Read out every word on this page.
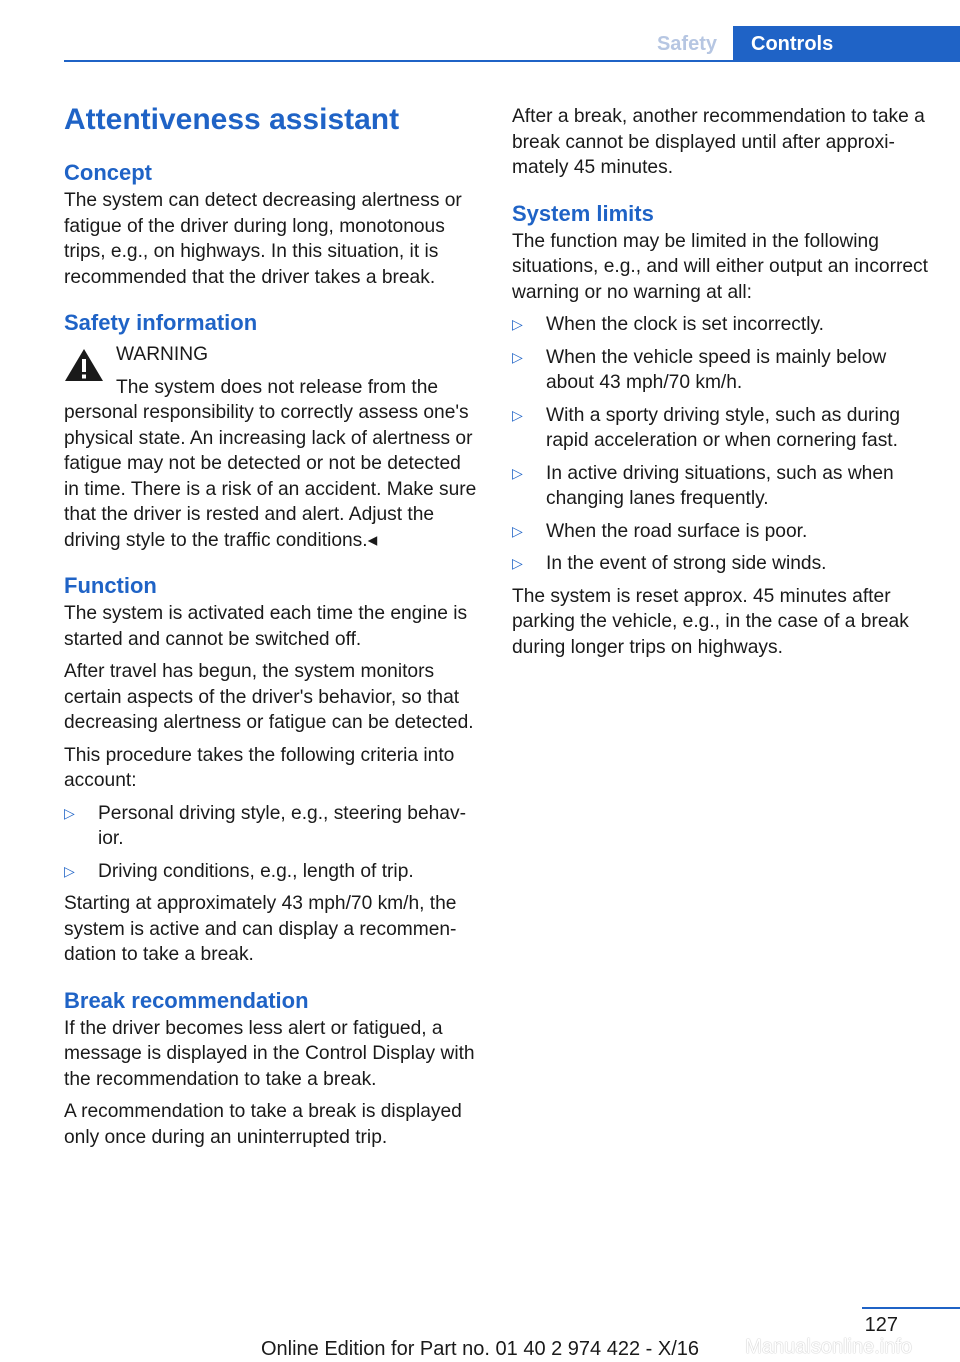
Safety	Controls
Attentiveness assistant
Concept

The system can detect decreasing alertness or fatigue of the driver during long, monotonous trips, e.g., on highways. In this situation, it is recommended that the driver takes a break.

Safety information
WARNING

The system does not release from the

personal responsibility to correctly assess one's physical state. An increasing lack of alertness or fatigue may not be detected or not be detected in time. There is a risk of an accident. Make sure that the driver is rested and alert. Adjust the driving style to the traffic conditions.◂

Function

The system is activated each time the engine is started and cannot be switched off.

After travel has begun, the system monitors certain aspects of the driver's behavior, so that decreasing alertness or fatigue can be detected.

This procedure takes the following criteria into account:

▷	Personal driving style, e.g., steering behavior.
▷	Driving conditions, e.g., length of trip.

Starting at approximately 43 mph/70 km/h, the system is active and can display a recommendation to take a break.

Break recommendation

If the driver becomes less alert or fatigued, a message is displayed in the Control Display with the recommendation to take a break.

A recommendation to take a break is displayed only once during an uninterrupted trip.

After a break, another recommendation to take a break cannot be displayed until after approximately 45 minutes.

System limits

The function may be limited in the following situations, e.g., and will either output an incorrect warning or no warning at all:

▷	When the clock is set incorrectly.
▷	When the vehicle speed is mainly below about 43 mph/70 km/h.
▷	With a sporty driving style, such as during rapid acceleration or when cornering fast.
▷	In active driving situations, such as when changing lanes frequently.
▷	When the road surface is poor.
▷	In the event of strong side winds.

The system is reset approx. 45 minutes after parking the vehicle, e.g., in the case of a break during longer trips on highways.

127
Online Edition for Part no. 01 40 2 974 422 - X/16	Manualsonline.info
